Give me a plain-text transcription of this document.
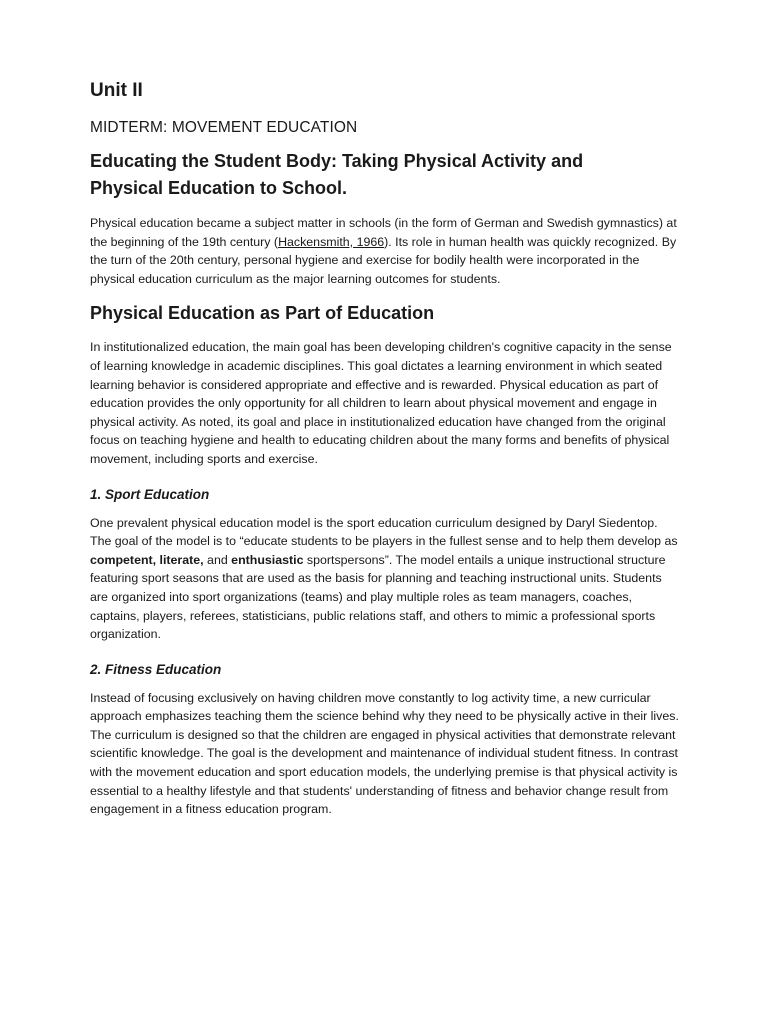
Unit II
MIDTERM: MOVEMENT EDUCATION
Educating the Student Body: Taking Physical Activity and
Physical Education to School.

Physical education became a subject matter in schools (in the form of German and Swedish gymnastics) at the beginning of the 19th century (Hackensmith, 1966). Its role in human health was quickly recognized. By the turn of the 20th century, personal hygiene and exercise for bodily health were incorporated in the physical education curriculum as the major learning outcomes for students.

Physical Education as Part of Education

In institutionalized education, the main goal has been developing children's cognitive capacity in the sense of learning knowledge in academic disciplines. This goal dictates a learning environment in which seated learning behavior is considered appropriate and effective and is rewarded. Physical education as part of education provides the only opportunity for all children to learn about physical movement and engage in physical activity. As noted, its goal and place in institutionalized education have changed from the original focus on teaching hygiene and health to educating children about the many forms and benefits of physical movement, including sports and exercise.

1. Sport Education

One prevalent physical education model is the sport education curriculum designed by Daryl Siedentop. The goal of the model is to “educate students to be players in the fullest sense and to help them develop as competent, literate, and enthusiastic sportspersons”. The model entails a unique instructional structure featuring sport seasons that are used as the basis for planning and teaching instructional units. Students are organized into sport organizations (teams) and play multiple roles as team managers, coaches, captains, players, referees, statisticians, public relations staff, and others to mimic a professional sports organization.

2. Fitness Education

Instead of focusing exclusively on having children move constantly to log activity time, a new curricular approach emphasizes teaching them the science behind why they need to be physically active in their lives. The curriculum is designed so that the children are engaged in physical activities that demonstrate relevant scientific knowledge. The goal is the development and maintenance of individual student fitness. In contrast with the movement education and sport education models, the underlying premise is that physical activity is essential to a healthy lifestyle and that students' understanding of fitness and behavior change result from engagement in a fitness education program.
